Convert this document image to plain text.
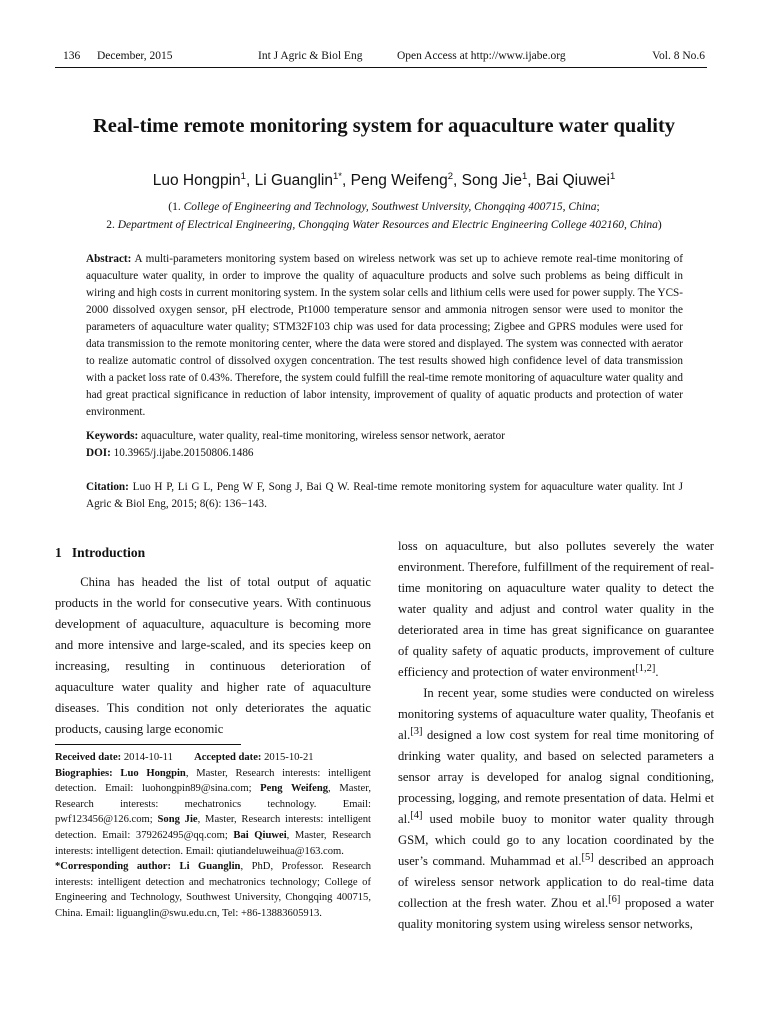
136 December, 2015	Int J Agric & Biol Eng	Open Access at http://www.ijabe.org	Vol. 8 No.6
Real-time remote monitoring system for aquaculture water quality
Luo Hongpin$^1$, Li Guanglin$^{1*}$, Peng Weifeng$^2$, Song Jie$^1$, Bai Qiuwei$^1$
(1. College of Engineering and Technology, Southwest University, Chongqing 400715, China;
2. Department of Electrical Engineering, Chongqing Water Resources and Electric Engineering College 402160, China)
Abstract: A multi-parameters monitoring system based on wireless network was set up to achieve remote real-time monitoring of aquaculture water quality, in order to improve the quality of aquaculture products and solve such problems as being difficult in wiring and high costs in current monitoring system. In the system solar cells and lithium cells were used for power supply. The YCS-2000 dissolved oxygen sensor, pH electrode, Pt1000 temperature sensor and ammonia nitrogen sensor were used to monitor the parameters of aquaculture water quality; STM32F103 chip was used for data processing; Zigbee and GPRS modules were used for data transmission to the remote monitoring center, where the data were stored and displayed. The system was connected with aerator to realize automatic control of dissolved oxygen concentration. The test results showed high confidence level of data transmission with a packet loss rate of 0.43%. Therefore, the system could fulfill the real-time remote monitoring of aquaculture water quality and had great practical significance in reduction of labor intensity, improvement of quality of aquatic products and protection of water environment.
Keywords: aquaculture, water quality, real-time monitoring, wireless sensor network, aerator
DOI: 10.3965/j.ijabe.20150806.1486
Citation: Luo H P, Li G L, Peng W F, Song J, Bai Q W. Real-time remote monitoring system for aquaculture water quality. Int J Agric & Biol Eng, 2015; 8(6): 136−143.
1 Introduction

China has headed the list of total output of aquatic products in the world for consecutive years. With continuous development of aquaculture, aquaculture is becoming more and more intensive and large-scaled, and its species keep on increasing, resulting in continuous deterioration of aquaculture water quality and higher rate of aquaculture diseases. This condition not only deteriorates the aquatic products, causing large economic

Received date: 2014-10-11 Accepted date: 2015-10-21

Biographies: Luo Hongpin, Master, Research interests: intelligent detection. Email: luohongpin89@sina.com; Peng Weifeng, Master, Research interests: mechatronics technology. Email: pwf123456@126.com; Song Jie, Master, Research interests: intelligent detection. Email: 379262495@qq.com; Bai Qiuwei, Master, Research interests: intelligent detection. Email: qiutiandeluweihua@163.com.

*Corresponding author: Li Guanglin, PhD, Professor. Research interests: intelligent detection and mechatronics technology; College of Engineering and Technology, Southwest University, Chongqing 400715, China. Email: liguanglin@swu.edu.cn, Tel: +86-13883605913.

loss on aquaculture, but also pollutes severely the water environment. Therefore, fulfillment of the requirement of real-time monitoring on aquaculture water quality to detect the water quality and adjust and control water quality in the deteriorated area in time has great significance on guarantee of quality safety of aquatic products, improvement of culture efficiency and protection of water environment[1,2].

In recent year, some studies were conducted on wireless monitoring systems of aquaculture water quality, Theofanis et al.[3] designed a low cost system for real time monitoring of drinking water quality, and based on selected parameters a sensor array is developed for analog signal conditioning, processing, logging, and remote presentation of data. Helmi et al.[4] used mobile buoy to monitor water quality through GSM, which could go to any location coordinated by the user’s command. Muhammad et al.[5] described an approach of wireless sensor network application to do real-time data collection at the fresh water. Zhou et al.[6] proposed a water quality monitoring system using wireless sensor networks,
